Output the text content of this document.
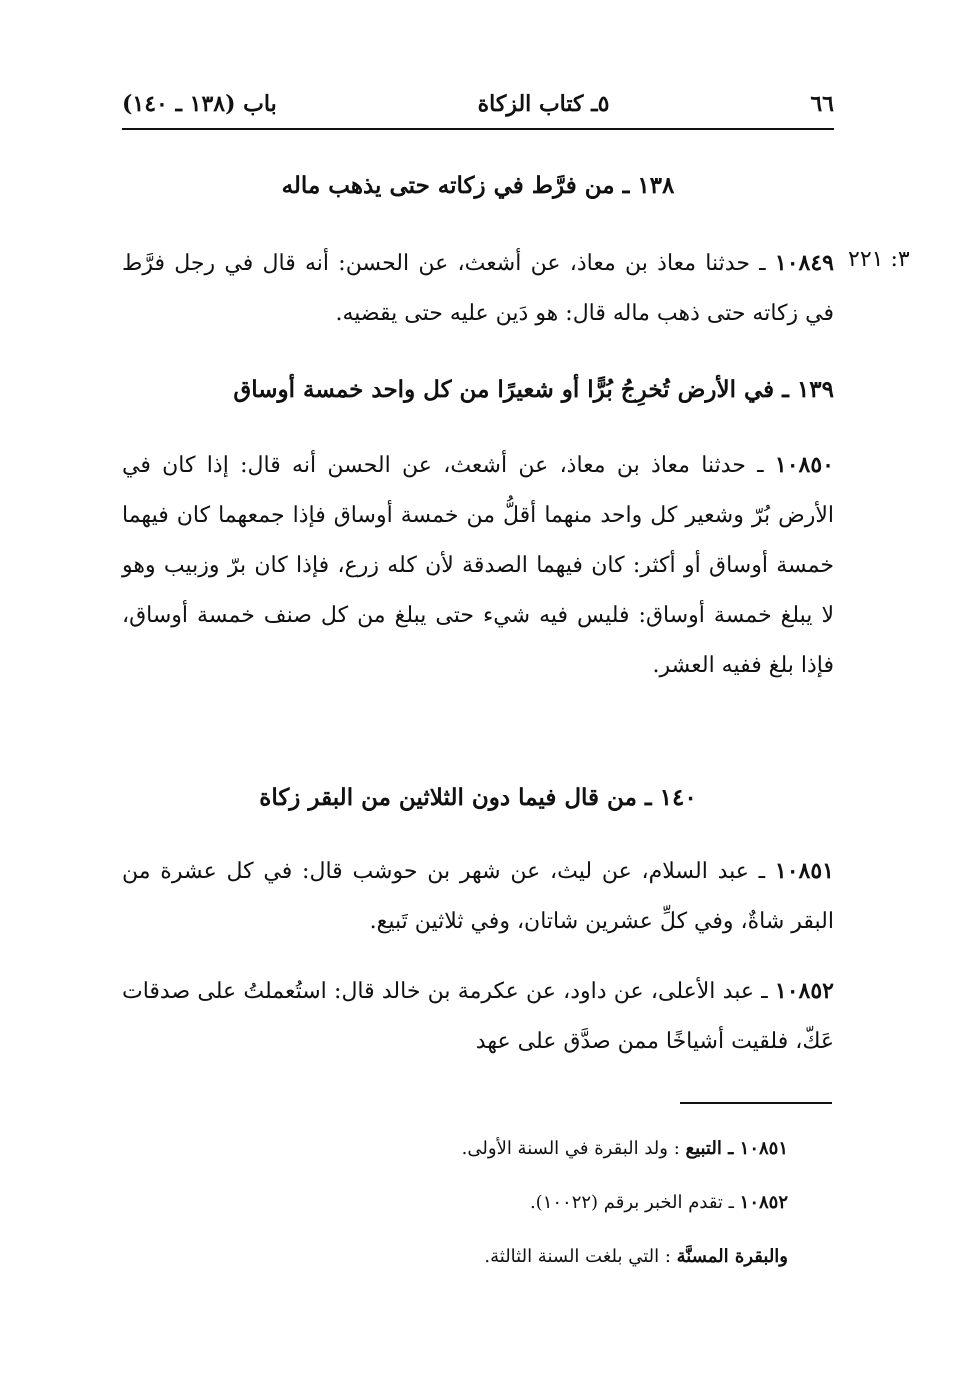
٦٦
٥ـ كتاب الزكاة
باب (١٣٨ ـ ١٤٠)
١٣٨ ـ من فرَّط في زكاته حتى يذهب ماله
٣: ٢٢١
١٠٨٤٩ ـ حدثنا معاذ بن معاذ، عن أشعث، عن الحسن: أنه قال في رجل فرَّط في زكاته حتى ذهب ماله قال: هو دَين عليه حتى يقضيه.
١٣٩ ـ في الأرض تُخرِجُ بُرًّا أو شعيرًا من كل واحد خمسة أوساق
١٠٨٥٠ ـ حدثنا معاذ بن معاذ، عن أشعث، عن الحسن أنه قال: إذا كان في الأرض بُرّ وشعير كل واحد منهما أقلُّ من خمسة أوساق فإذا جمعهما كان فيهما خمسة أوساق أو أكثر: كان فيهما الصدقة لأن كله زرع، فإذا كان برّ وزبيب وهو لا يبلغ خمسة أوساق: فليس فيه شيء حتى يبلغ من كل صنف خمسة أوساق، فإذا بلغ ففيه العشر.
١٤٠ ـ من قال فيما دون الثلاثين من البقر زكاة
١٠٨٥١ ـ عبد السلام، عن ليث، عن شهر بن حوشب قال: في كل عشرة من البقر شاةٌ، وفي كلِّ عشرين شاتان، وفي ثلاثين تَبيع.
١٠٨٥٢ ـ عبد الأعلى، عن داود، عن عكرمة بن خالد قال: استُعملتُ على صدقات عَكّ، فلقيت أشياخًا ممن صدَّق على عهد
١٠٨٥١ ـ التبيع : ولد البقرة في السنة الأولى.
١٠٨٥٢ ـ تقدم الخبر برقم (١٠٠٢٢).
والبقرة المسنَّة : التي بلغت السنة الثالثة.
